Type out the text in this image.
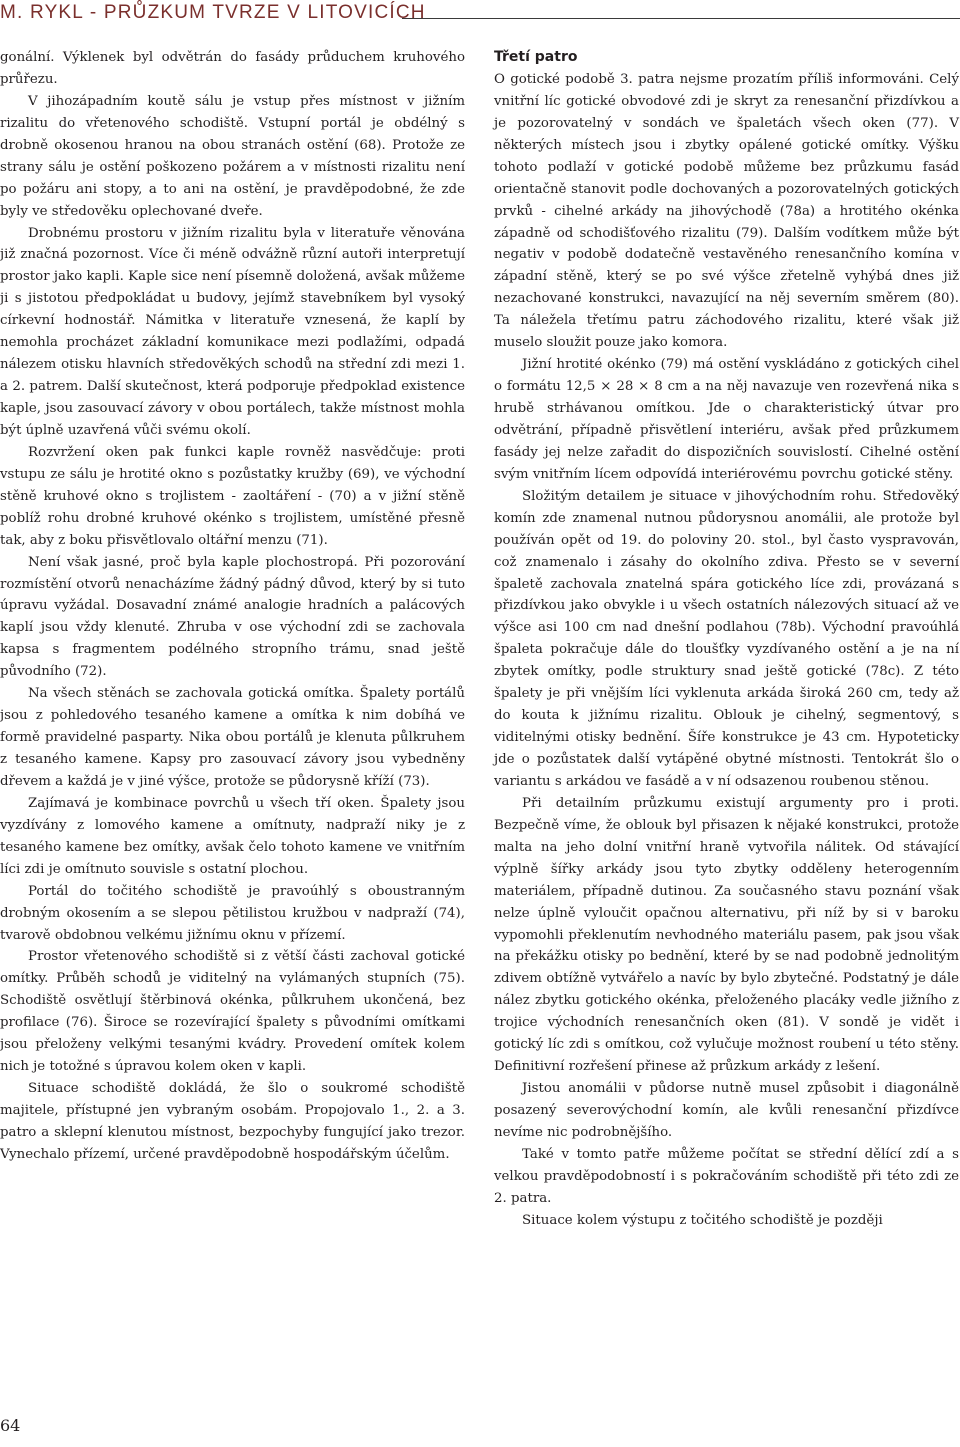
M. RYKL - PRŮZKUM TVRZE V LITOVICÍCH

gonální. Výklenek byl odvětrán do fasády průduchem kruhového průřezu.

V jihozápadním koutě sálu je vstup přes místnost v jižním rizalitu do vřetenového schodiště. Vstupní portál je obdélný s drobně okosenou hranou na obou stranách ostění (68). Protože ze strany sálu je ostění poškozeno požárem a v místnosti rizalitu není po požáru ani stopy, a to ani na ostění, je pravděpodobné, že zde byly ve středověku oplechované dveře.

Drobnému prostoru v jižním rizalitu byla v literatuře věnována již značná pozornost. Více či méně odvážně různí autoři interpretují prostor jako kapli. Kaple sice není písemně doložená, avšak můžeme ji s jistotou předpokládat u budovy, jejímž stavebníkem byl vysoký církevní hodnostář. Námitka v literatuře vznesená, že kaplí by nemohla procházet základní komunikace mezi podlažími, odpadá nálezem otisku hlavních středověkých schodů na střední zdi mezi 1. a 2. patrem. Další skutečnost, která podporuje předpoklad existence kaple, jsou zasouvací závory v obou portálech, takže místnost mohla být úplně uzavřená vůči svému okolí.

Rozvržení oken pak funkci kaple rovněž nasvědčuje: proti vstupu ze sálu je hrotité okno s pozůstatky kružby (69), ve východní stěně kruhové okno s trojlistem - zaoltáření - (70) a v jižní stěně poblíž rohu drobné kruhové okénko s trojlistem, umístěné přesně tak, aby z boku přisvětlovalo oltářní menzu (71).

Není však jasné, proč byla kaple plochostropá. Při pozorování rozmístění otvorů nenacházíme žádný pádný důvod, který by si tuto úpravu vyžádal. Dosavadní známé analogie hradních a palácových kaplí jsou vždy klenuté. Zhruba v ose východní zdi se zachovala kapsa s fragmentem podélného stropního trámu, snad ještě původního (72).

Na všech stěnách se zachovala gotická omítka. Špalety portálů jsou z pohledového tesaného kamene a omítka k nim dobíhá ve formě pravidelné pasparty. Nika obou portálů je klenuta půlkruhem z tesaného kamene. Kapsy pro zasouvací závory jsou vybedněny dřevem a každá je v jiné výšce, protože se půdorysně kříží (73).

Zajímavá je kombinace povrchů u všech tří oken. Špalety jsou vyzdívány z lomového kamene a omítnuty, nadpraží niky je z tesaného kamene bez omítky, avšak čelo tohoto kamene ve vnitřním líci zdi je omítnuto souvisle s ostatní plochou.

Portál do točitého schodiště je pravoúhlý s oboustranným drobným okosením a se slepou pětilistou kružbou v nadpraží (74), tvarově obdobnou velkému jižnímu oknu v přízemí.

Prostor vřetenového schodiště si z větší části zachoval gotické omítky. Průběh schodů je viditelný na vylámaných stupních (75). Schodiště osvětlují štěrbinová okénka, půlkruhem ukončená, bez profilace (76). Široce se rozevírající špalety s původními omítkami jsou přeloženy velkými tesanými kvádry. Provedení omítek kolem nich je totožné s úpravou kolem oken v kapli.

Situace schodiště dokládá, že šlo o soukromé schodiště majitele, přístupné jen vybraným osobám. Propojovalo 1., 2. a 3. patro a sklepní klenutou místnost, bezpochyby fungující jako trezor. Vynechalo přízemí, určené pravděpodobně hospodářským účelům.

Třetí patro

O gotické podobě 3. patra nejsme prozatím příliš informováni. Celý vnitřní líc gotické obvodové zdi je skryt za renesanční přizdívkou a je pozorovatelný v sondách ve špaletách všech oken (77). V některých místech jsou i zbytky opálené gotické omítky. Výšku tohoto podlaží v gotické podobě můžeme bez průzkumu fasád orientačně stanovit podle dochovaných a pozorovatelných gotických prvků - cihelné arkády na jihovýchodě (78a) a hrotitého okénka západně od schodišťového rizalitu (79). Dalším vodítkem může být negativ v podobě dodatečně vestavěného renesančního komína v západní stěně, který se po své výšce zřetelně vyhýbá dnes již nezachované konstrukci, navazující na něj severním směrem (80). Ta náležela třetímu patru záchodového rizalitu, které však již muselo sloužit pouze jako komora.

Jižní hrotité okénko (79) má ostění vyskládáno z gotických cihel o formátu 12,5 × 28 × 8 cm a na něj navazuje ven rozevřená nika s hrubě strhávanou omítkou. Jde o charakteristický útvar pro odvětrání, případně přisvětlení interiéru, avšak před průzkumem fasády jej nelze zařadit do dispozičních souvislostí. Cihelné ostění svým vnitřním lícem odpovídá interiérovému povrchu gotické stěny.

Složitým detailem je situace v jihovýchodním rohu. Středověký komín zde znamenal nutnou půdorysnou anomálii, ale protože byl používán opět od 19. do poloviny 20. stol., byl často vyspravován, což znamenalo i zásahy do okolního zdiva. Přesto se v severní špaletě zachovala znatelná spára gotického líce zdi, provázaná s přizdívkou jako obvykle i u všech ostatních nálezových situací až ve výšce asi 100 cm nad dnešní podlahou (78b). Východní pravoúhlá špaleta pokračuje dále do tloušťky vyzdívaného ostění a je na ní zbytek omítky, podle struktury snad ještě gotické (78c). Z této špalety je při vnějším líci vyklenuta arkáda široká 260 cm, tedy až do kouta k jižnímu rizalitu. Oblouk je cihelný, segmentový, s viditelnými otisky bednění. Šíře konstrukce je 43 cm. Hypoteticky jde o pozůstatek další vytápěné obytné místnosti. Tentokrát šlo o variantu s arkádou ve fasádě a v ní odsazenou roubenou stěnou.

Při detailním průzkumu existují argumenty pro i proti. Bezpečně víme, že oblouk byl přisazen k nějaké konstrukci, protože malta na jeho dolní vnitřní hraně vytvořila nálitek. Od stávající výplně šířky arkády jsou tyto zbytky odděleny heterogenním materiálem, případně dutinou. Za současného stavu poznání však nelze úplně vyloučit opačnou alternativu, při níž by si v baroku vypomohli překlenutím nevhodného materiálu pasem, pak jsou však na překážku otisky po bednění, které by se nad podobně jednolitým zdivem obtížně vytvářelo a navíc by bylo zbytečné. Podstatný je dále nález zbytku gotického okénka, přeloženého placáky vedle jižního z trojice východních renesančních oken (81). V sondě je vidět i gotický líc zdi s omítkou, což vylučuje možnost roubení u této stěny. Definitivní rozřešení přinese až průzkum arkády z lešení.

Jistou anomálii v půdorse nutně musel způsobit i diagonálně posazený severovýchodní komín, ale kvůli renesanční přizdívce nevíme nic podrobnějšího.

Také v tomto patře můžeme počítat se střední dělící zdí a s velkou pravděpodobností i s pokračováním schodiště při této zdi ze 2. patra.

Situace kolem výstupu z točitého schodiště je později

64
